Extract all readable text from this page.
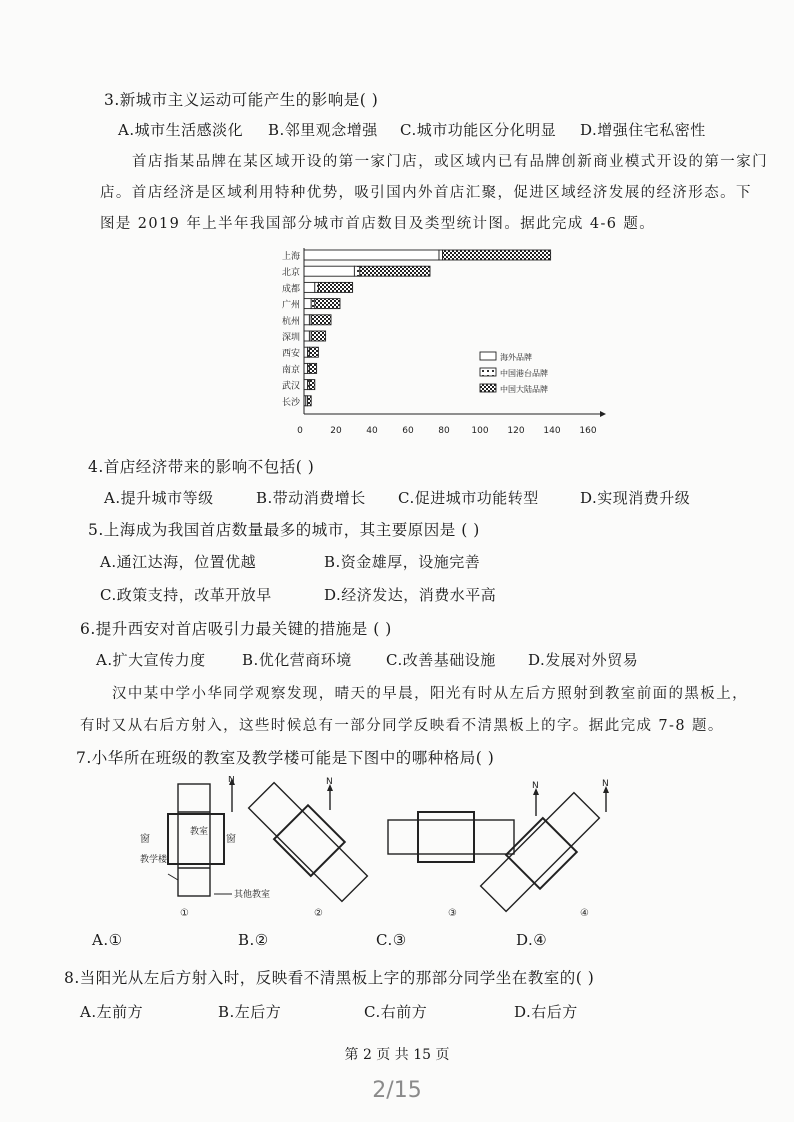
3.新城市主义运动可能产生的影响是( )
A.城市生活感淡化 B.邻里观念增强 C.城市功能区分化明显 D.增强住宅私密性
首店指某品牌在某区域开设的第一家门店，或区域内已有品牌创新商业模式开设的第一家门
店。首店经济是区域利用特种优势，吸引国内外首店汇聚，促进区域经济发展的经济形态。下
图是 2019 年上半年我国部分城市首店数目及类型统计图。据此完成 4-6 题。
上海
北京
成都
广州
杭州
深圳
西安
南京
武汉
长沙
0	20	40	60	80 100 120 140 160
海外品牌
中国港台品牌
中国大陆品牌
4.首店经济带来的影响不包括( )
A.提升城市等级	B.带动消费增长 C.促进城市功能转型	D.实现消费升级
5.上海成为我国首店数量最多的城市，其主要原因是 ( )
A.通江达海，位置优越	B.资金雄厚，设施完善
C.政策支持，改革开放早	D.经济发达，消费水平高
6.提升西安对首店吸引力最关键的措施是 ( )
A.扩大宣传力度 B.优化营商环境 C.改善基础设施 D.发展对外贸易
汉中某中学小华同学观察发现，晴天的早晨，阳光有时从左后方照射到教室前面的黑板上，
有时又从右后方射入，这些时候总有一部分同学反映看不清黑板上的字。据此完成 7-8 题。
7.小华所在班级的教室及教学楼可能是下图中的哪种格局( )
窗	窗
教室
教学楼
其他教室
N
①
N
②
N
③
N
④
A.①	B.②	C.③	D.④
8.当阳光从左后方射入时，反映看不清黑板上字的那部分同学坐在教室的( )
A.左前方	B.左后方	C.右前方	D.右后方
第 2 页 共 15 页
2/15
